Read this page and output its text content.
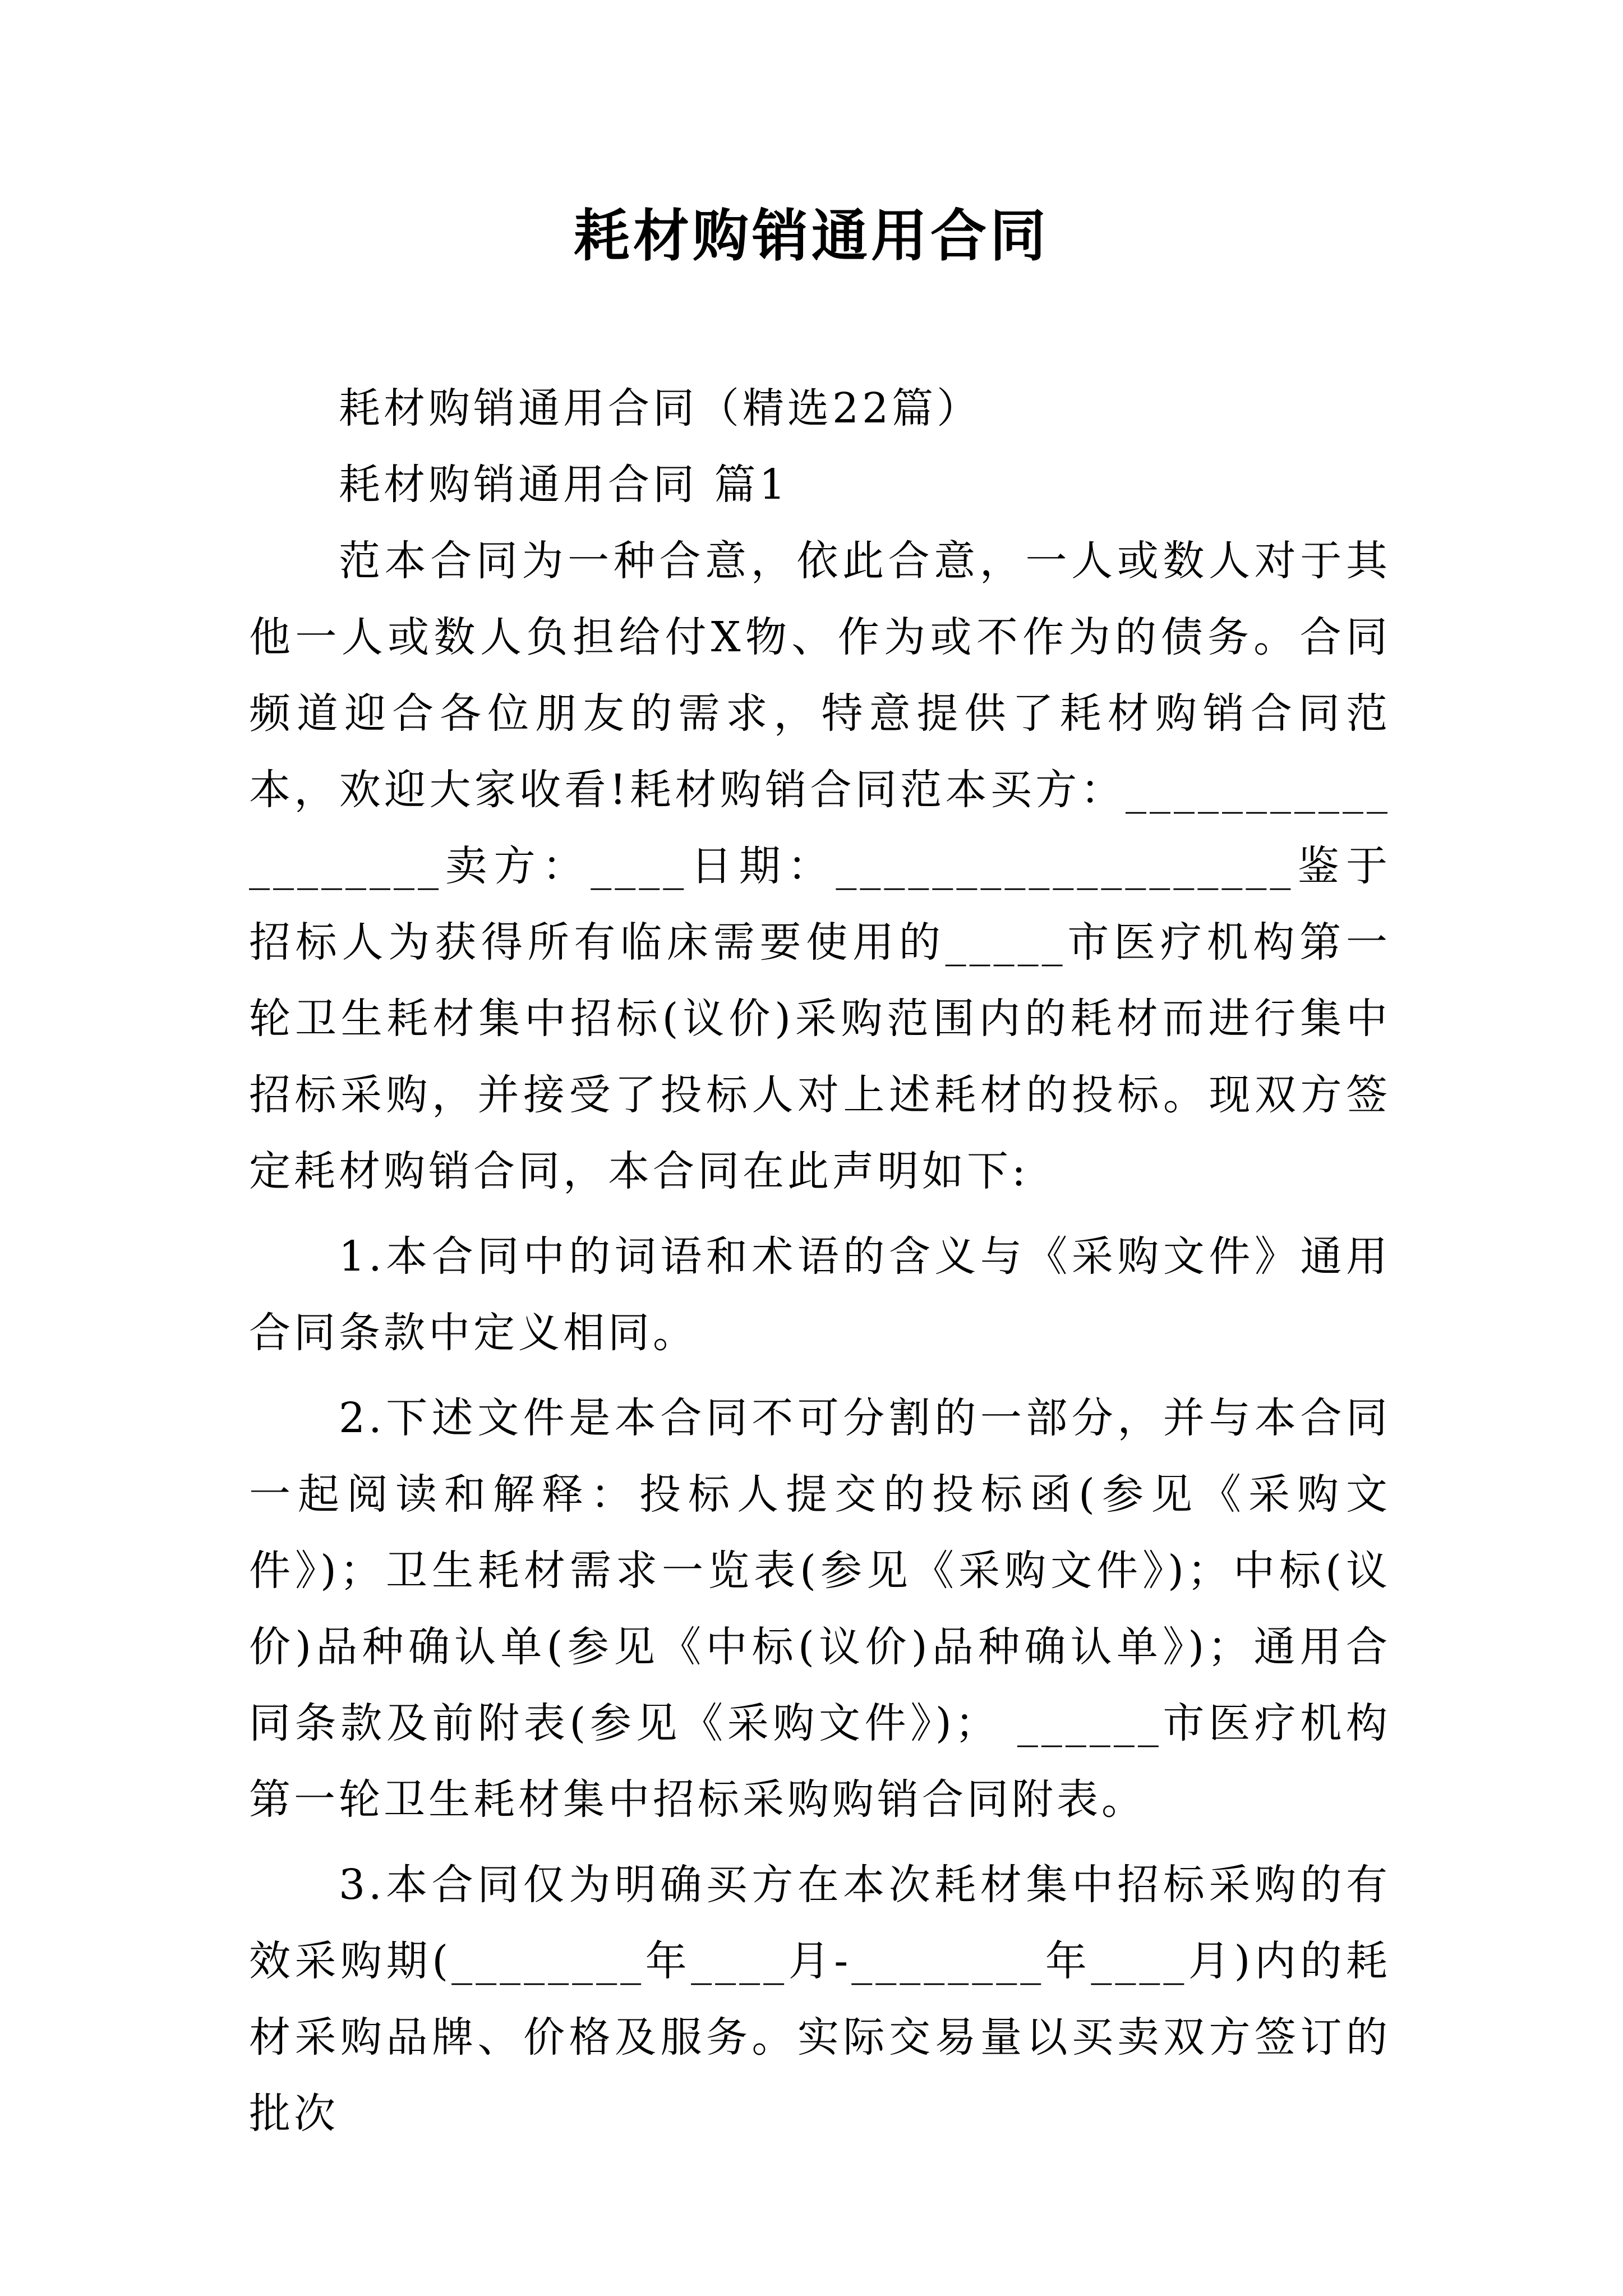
耗材购销通用合同

耗材购销通用合同（精选22篇）

耗材购销通用合同 篇1

范本合同为一种合意，依此合意，一人或数人对于其他一人或数人负担给付X物、作为或不作为的债务。合同频道迎合各位朋友的需求，特意提供了耗材购销合同范本，欢迎大家收看!耗材购销合同范本买方：___________________卖方：____日期：___________________鉴于招标人为获得所有临床需要使用的_____市医疗机构第一轮卫生耗材集中招标(议价)采购范围内的耗材而进行集中招标采购，并接受了投标人对上述耗材的投标。现双方签定耗材购销合同，本合同在此声明如下:

1.本合同中的词语和术语的含义与《采购文件》通用合同条款中定义相同。

2.下述文件是本合同不可分割的一部分，并与本合同一起阅读和解释：投标人提交的投标函(参见《采购文件》)；卫生耗材需求一览表(参见《采购文件》)；中标(议价)品种确认单(参见《中标(议价)品种确认单》)；通用合同条款及前附表(参见《采购文件》)； ______市医疗机构第一轮卫生耗材集中招标采购购销合同附表。

3.本合同仅为明确买方在本次耗材集中招标采购的有效采购期(________年____月-________年____月)内的耗材采购品牌、价格及服务。实际交易量以买卖双方签订的批次
